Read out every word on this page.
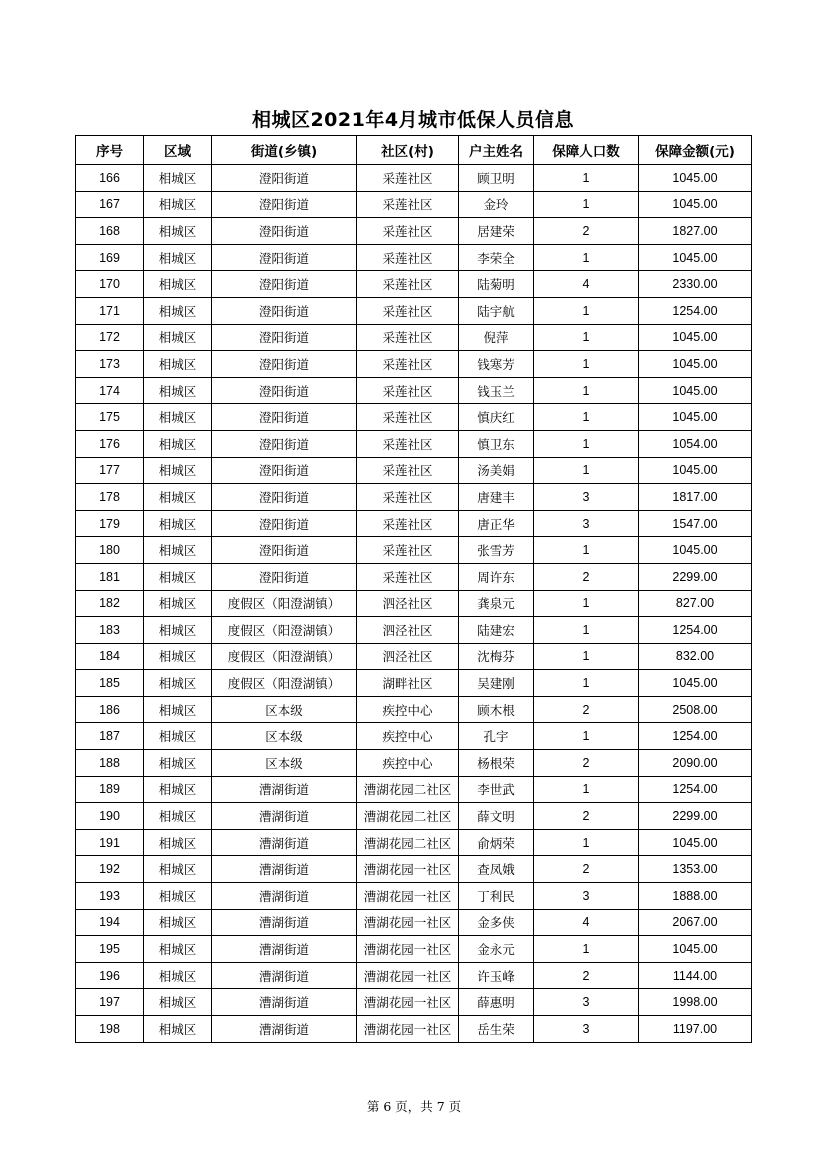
相城区2021年4月城市低保人员信息
序号	区域	街道(乡镇)	社区(村)	户主姓名	保障人口数	保障金额(元)
166	相城区	澄阳街道	采莲社区	顾卫明	1	1045.00
167	相城区	澄阳街道	采莲社区	金玲	1	1045.00
168	相城区	澄阳街道	采莲社区	居建荣	2	1827.00
169	相城区	澄阳街道	采莲社区	李荣全	1	1045.00
170	相城区	澄阳街道	采莲社区	陆菊明	4	2330.00
171	相城区	澄阳街道	采莲社区	陆宇航	1	1254.00
172	相城区	澄阳街道	采莲社区	倪萍	1	1045.00
173	相城区	澄阳街道	采莲社区	钱寒芳	1	1045.00
174	相城区	澄阳街道	采莲社区	钱玉兰	1	1045.00
175	相城区	澄阳街道	采莲社区	慎庆红	1	1045.00
176	相城区	澄阳街道	采莲社区	慎卫东	1	1054.00
177	相城区	澄阳街道	采莲社区	汤美娟	1	1045.00
178	相城区	澄阳街道	采莲社区	唐建丰	3	1817.00
179	相城区	澄阳街道	采莲社区	唐正华	3	1547.00
180	相城区	澄阳街道	采莲社区	张雪芳	1	1045.00
181	相城区	澄阳街道	采莲社区	周许东	2	2299.00
182	相城区	度假区（阳澄湖镇）	泗泾社区	龚泉元	1	827.00
183	相城区	度假区（阳澄湖镇）	泗泾社区	陆建宏	1	1254.00
184	相城区	度假区（阳澄湖镇）	泗泾社区	沈梅芬	1	832.00
185	相城区	度假区（阳澄湖镇）	湖畔社区	吴建刚	1	1045.00
186	相城区	区本级	疾控中心	顾木根	2	2508.00
187	相城区	区本级	疾控中心	孔宇	1	1254.00
188	相城区	区本级	疾控中心	杨根荣	2	2090.00
189	相城区	漕湖街道	漕湖花园二社区	李世武	1	1254.00
190	相城区	漕湖街道	漕湖花园二社区	薛文明	2	2299.00
191	相城区	漕湖街道	漕湖花园二社区	俞炳荣	1	1045.00
192	相城区	漕湖街道	漕湖花园一社区	查凤娥	2	1353.00
193	相城区	漕湖街道	漕湖花园一社区	丁利民	3	1888.00
194	相城区	漕湖街道	漕湖花园一社区	金多侠	4	2067.00
195	相城区	漕湖街道	漕湖花园一社区	金永元	1	1045.00
196	相城区	漕湖街道	漕湖花园一社区	许玉峰	2	1144.00
197	相城区	漕湖街道	漕湖花园一社区	薛惠明	3	1998.00
198	相城区	漕湖街道	漕湖花园一社区	岳生荣	3	1197.00
第 6 页，共 7 页
